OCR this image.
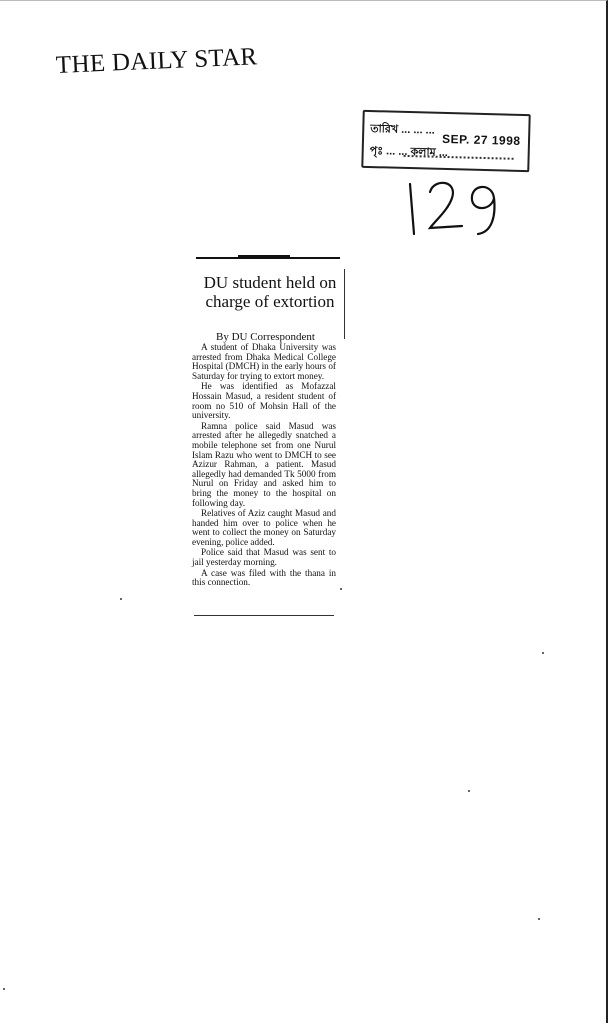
THE DAILY STAR
তারিখ ... ... ...
SEP. 27 1998
পৃঃ ... ... কলাম ...
DU student held on charge of extortion
By DU Correspondent

A student of Dhaka University was arrested from Dhaka Medical College Hospital (DMCH) in the early hours of Saturday for trying to extort money.

He was identified as Mofazzal Hossain Masud, a resident student of room no 510 of Mohsin Hall of the university.

Ramna police said Masud was arrested after he allegedly snatched a mobile telephone set from one Nurul Islam Razu who went to DMCH to see Azizur Rahman, a patient. Masud allegedly had demanded Tk 5000 from Nurul on Friday and asked him to bring the money to the hospital on following day.

Relatives of Aziz caught Masud and handed him over to police when he went to collect the money on Saturday evening, police added.

Police said that Masud was sent to jail yesterday morning.

A case was filed with the thana in this connection.
